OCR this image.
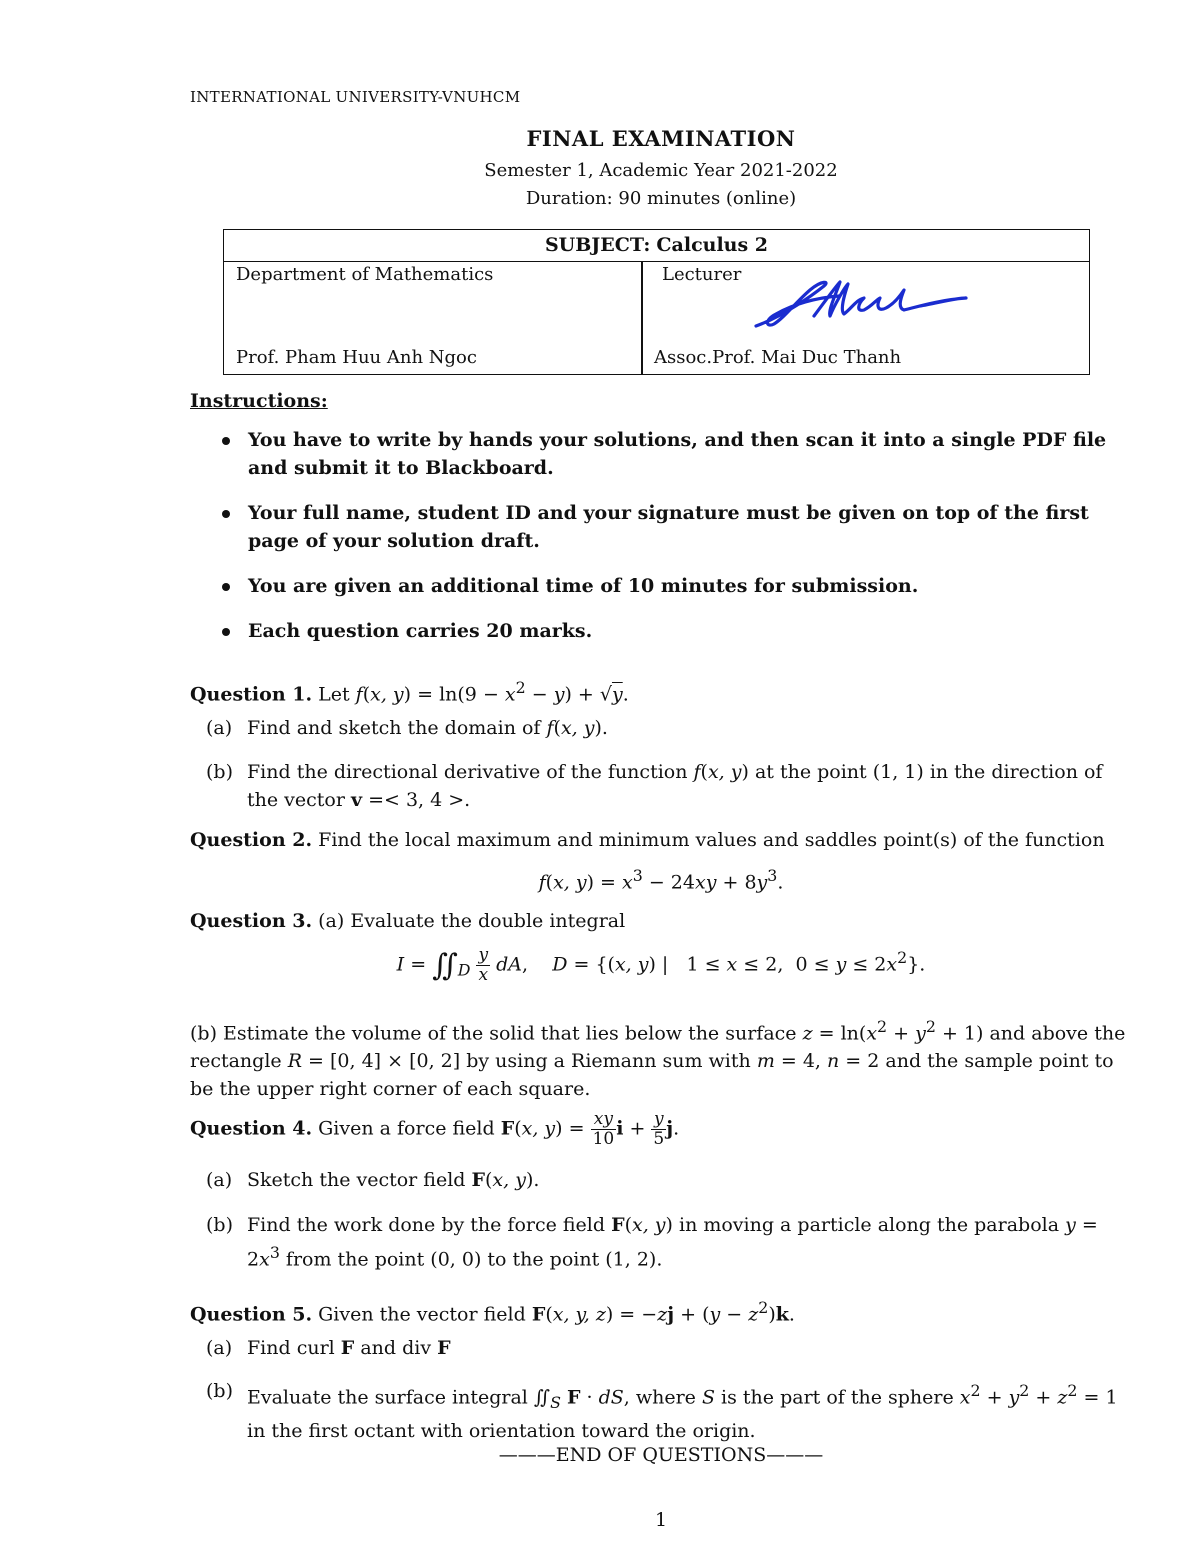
INTERNATIONAL UNIVERSITY-VNUHCM
FINAL EXAMINATION
Semester 1, Academic Year 2021-2022
Duration: 90 minutes (online)
SUBJECT: Calculus 2
Department of Mathematics
Prof. Pham Huu Anh Ngoc
Lecturer
Assoc.Prof. Mai Duc Thanh
Instructions:
You have to write by hands your solutions, and then scan it into a single PDF file and submit it to Blackboard.
Your full name, student ID and your signature must be given on top of the first page of your solution draft.
You are given an additional time of 10 minutes for submission.
Each question carries 20 marks.
Question 1. Let f(x, $y) = \ln(9 - x^2 - y) + √y$.
(a) Find and sketch the domain of f(x, y).
(b) Find the directional derivative of the function f(x, y) at the point (1, 1) in the direction of the vector v =< 3, 4 >.
Question 2. Find the local maximum and minimum values and saddles point(s) of the function
f(x, $y) = x^3 - 24xy + 8y^3$.
Question 3. (a) Evaluate the double integral
$I = ∬_D \frac{y}{x}$ dA,    D = {(x, y) |   1 ≤ x ≤ 2,  $0 \le y \le 2x^2$}.
(b) Estimate the volume of the solid that lies below the surface $z = \ln(x^2 + y^2 + 1)$ and above the rectangle R = [0, 4] × [0, 2] by using a Riemann sum with m = 4, n = 2 and the sample point to be the upper right corner of each square.
Question 4. Given a force field F(x, $y) = \frac{xy}{10}$ $i + \frac{y}{5} j$.
(a) Sketch the vector field F(x, y).
(b) Find the work done by the force field F(x, y) in moving a particle along the parabola $y = 2x^3$ from the point (0, 0) to the point (1, 2).
Question 5. Given the vector field F(x, y, $z) = -zj + (y - z^2)k$.
(a) Find curl F and div F
(b) Evaluate the surface integral $∬_S$ F · dS, where S is the part of the sphere $x^2 + y^2 + z^2 = 1$ in the first octant with orientation toward the origin.
———END OF QUESTIONS———
1
